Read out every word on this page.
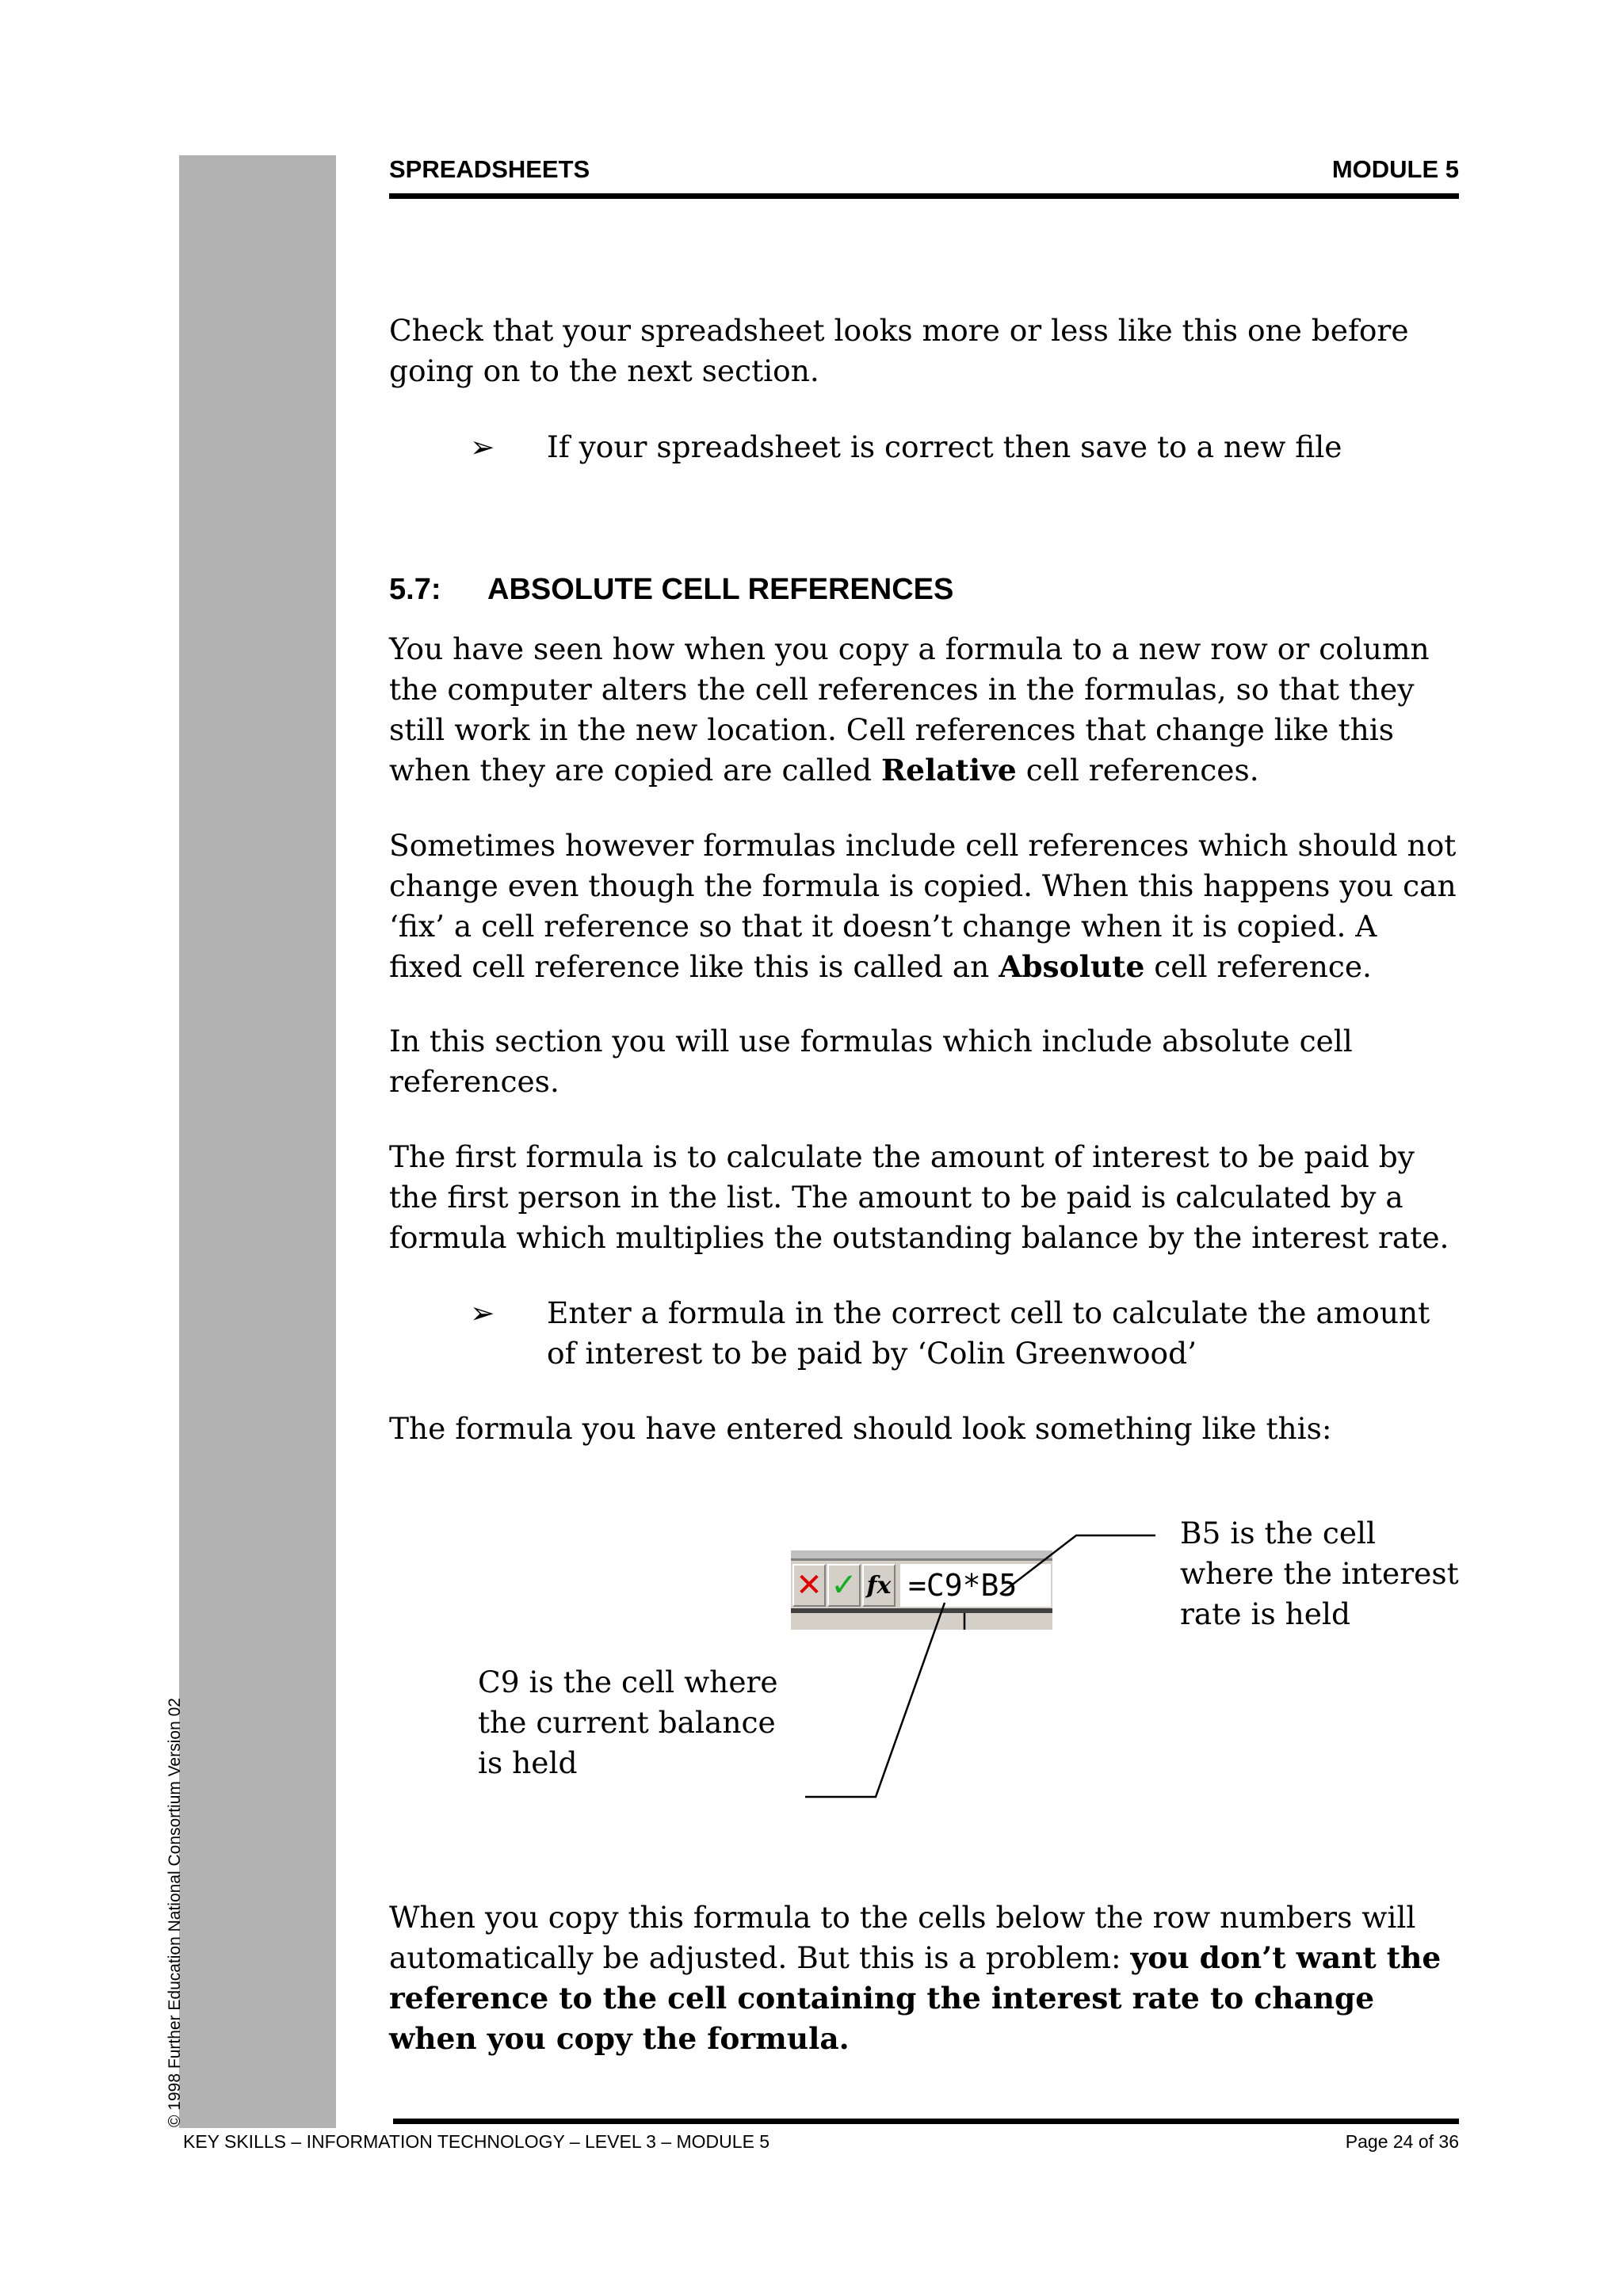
© 1998 Further Education National Consortium Version 02
SPREADSHEETS	MODULE 5

Check that your spreadsheet looks more or less like this one before going on to the next section.

➢ If your spreadsheet is correct then save to a new file
5.7: ABSOLUTE CELL REFERENCES

You have seen how when you copy a formula to a new row or column the computer alters the cell references in the formulas, so that they still work in the new location. Cell references that change like this when they are copied are called Relative cell references.

Sometimes however formulas include cell references which should not change even though the formula is copied. When this happens you can ‘fix’ a cell reference so that it doesn’t change when it is copied. A fixed cell reference like this is called an Absolute cell reference.

In this section you will use formulas which include absolute cell references.

The first formula is to calculate the amount of interest to be paid by the first person in the list. The amount to be paid is calculated by a formula which multiplies the outstanding balance by the interest rate.

➢ Enter a formula in the correct cell to calculate the amount of interest to be paid by ‘Colin Greenwood’

The formula you have entered should look something like this:

✕ ✓ fx =C9*B5
B5 is the cell where the interest rate is held
C9 is the cell where the current balance is held

When you copy this formula to the cells below the row numbers will automatically be adjusted. But this is a problem: you don’t want the reference to the cell containing the interest rate to change when you copy the formula.

KEY SKILLS – INFORMATION TECHNOLOGY – LEVEL 3 – MODULE 5	Page 24 of 36
